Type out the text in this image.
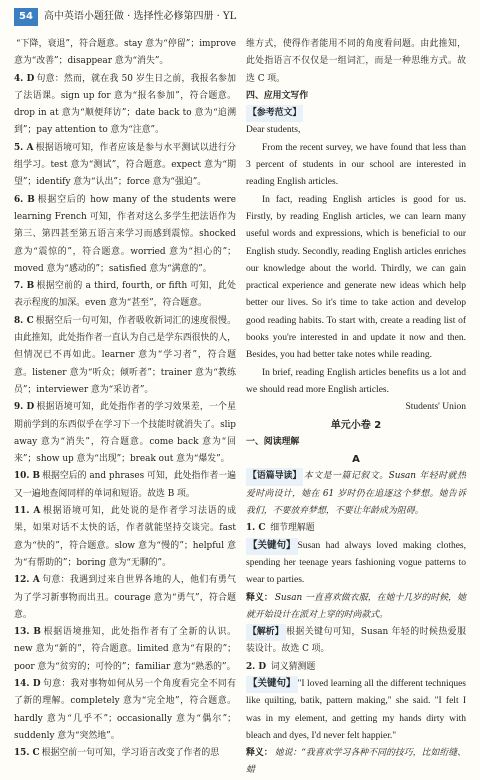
54 高中英语小题狂做 · 选择性必修第四册 · YL

“下降，衰退”，符合题意。stay 意为“停留”；improve 意为“改善”；disappear 意为“消失”。

4. D 句意：然而，就在我 50 岁生日之前，我报名参加了法语课。sign up for 意为“报名参加”，符合题意。drop in at 意为“顺便拜访”；date back to 意为“追溯到”；pay attention to 意为“注意”。

5. A 根据语境可知，作者应该是参与水平测试以进行分组学习。test 意为“测试”，符合题意。expect 意为“期望”；identify 意为“认出”；force 意为“强迫”。

6. B 根据空后的 how many of the students were learning French 可知，作者对这么多学生把法语作为第三、第四甚至第五语言来学习而感到震惊。shocked 意为“震惊的”，符合题意。worried 意为“担心的”；moved 意为“感动的”；satisfied 意为“满意的”。

7. B 根据空前的 a third, fourth, or fifth 可知，此处表示程度的加深。even 意为“甚至”，符合题意。

8. C 根据空后一句可知，作者吸收新词汇的速度很慢。由此推知，此处指作者一直认为自己是学东西很快的人，但情况已不再如此。learner 意为“学习者”，符合题意。listener 意为“听众；倾听者”；trainer 意为“教练员”；interviewer 意为“采访者”。

9. D 根据语境可知，此处指作者的学习效果差，一个星期前学到的东西似乎在学习下一个技能时就消失了。slip away 意为“消失”，符合题意。come back 意为“回来”；show up 意为“出现”；break out 意为“爆发”。

10. B 根据空后的 and phrases 可知，此处指作者一遍又一遍地查阅同样的单词和短语。故选 B 项。

11. A 根据语境可知，此处说的是作者学习法语的成果，如果对话不太快的话，作者就能坚持交谈完。fast 意为“快的”，符合题意。slow 意为“慢的”；helpful 意为“有帮助的”；boring 意为“无聊的”。

12. A 句意：我遇到过来自世界各地的人，他们有勇气为了学习新事物而出丑。courage 意为“勇气”，符合题意。

13. B 根据语境推知，此处指作者有了全新的认识。new 意为“新的”，符合题意。limited 意为“有限的”；poor 意为“贫穷的；可怜的”；familiar 意为“熟悉的”。

14. D 句意：我对事物如何从另一个角度看完全不同有了新的理解。completely 意为“完全地”，符合题意。hardly 意为“几乎不”；occasionally 意为“偶尔”；suddenly 意为“突然地”。

15. C 根据空前一句可知，学习语言改变了作者的思

维方式，使得作者能用不同的角度看问题。由此推知，此处指语言不仅仅是一组词汇，而是一种思维方式。故选 C 项。

四、应用文写作

【参考范文】

Dear students,

From the recent survey, we have found that less than 3 percent of students in our school are interested in reading English articles.

In fact, reading English articles is good for us. Firstly, by reading English articles, we can learn many useful words and expressions, which is beneficial to our English study. Secondly, reading English articles enriches our knowledge about the world. Thirdly, we can gain practical experience and generate new ideas which help better our lives. So it's time to take action and develop good reading habits. To start with, create a reading list of books you're interested in and update it now and then. Besides, you had better take notes while reading.

In brief, reading English articles benefits us a lot and we should read more English articles.

Students' Union

单元小卷 2

一、阅读理解

A

【语篇导读】 本文是一篇记叙文。Susan 年轻时就热爱时尚设计，她在 61 岁时仍在追逐这个梦想。她告诉我们，不要放弃梦想，不要让年龄成为阻碍。

1. C 细节理解题

【关键句】 Susan had always loved making clothes, spending her teenage years fashioning vogue patterns to wear to parties.

释义： Susan 一直喜欢做衣服，在她十几岁的时候，她就开始设计在派对上穿的时尚款式。

【解析】 根据关键句可知，Susan 年轻的时候热爱服装设计。故选 C 项。

2. D 词义猜测题

【关键句】 "I loved learning all the different techniques like quilting, batik, pattern making," she said. "I felt I was in my element, and getting my hands dirty with bleach and dyes, I'd never felt happier."

释义： 她说：“我喜欢学习各种不同的技巧，比如绗缝、蜡
